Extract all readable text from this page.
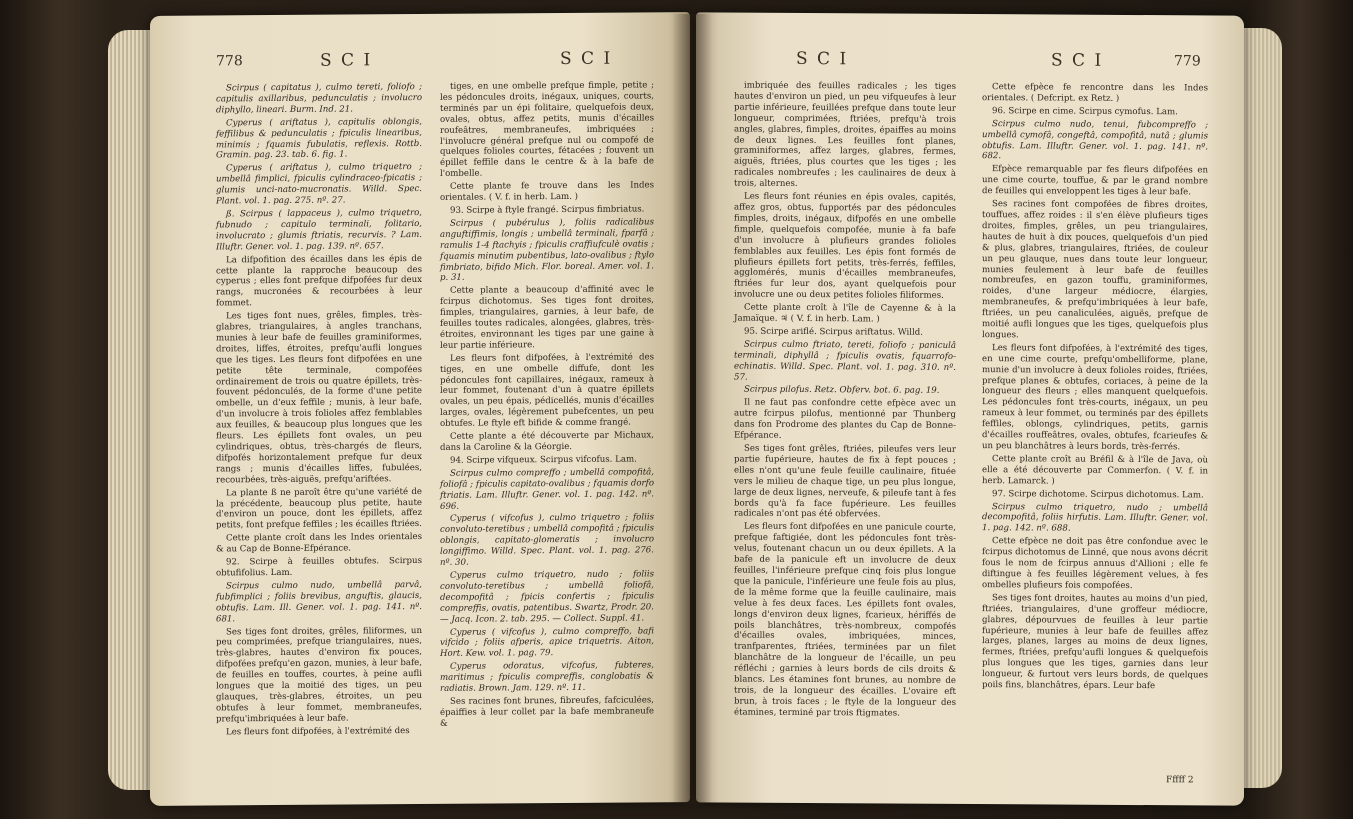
778	S C I	S C I

Scirpus ( capitatus ), culmo tereti, foliofo ; capitulis axillaribus, pedunculatis ; involucro diphyllo, lineari. Burm. Ind. 21.

Cyperus ( ariftatus ), capitulis oblongis, feffilibus & pedunculatis ; fpiculis linearibus, minimis ; fquamis fubulatis, reflexis. Rottb. Gramin. pag. 23. tab. 6. fig. 1.

Cyperus ( ariftatus ), culmo triquetro ; umbellâ fimplici, fpiculis cylindraceo-fpicatis ; glumis unci-nato-mucronatis. Willd. Spec. Plant. vol. 1. pag. 275. nº. 27.

ß. Scirpus ( lappaceus ), culmo triquetro, fubnudo ; capitulo terminali, folitario, involucrato ; glumis ftriatis, recurvis. ? Lam. Illuftr. Gener. vol. 1. pag. 139. nº. 657.

La difpofition des écailles dans les épis de cette plante la rapproche beaucoup des cyperus ; elles font prefque difpofées fur deux rangs, mucronées & recourbées à leur fommet.

Les tiges font nues, grêles, fimples, très-glabres, triangulaires, à angles tranchans, munies à leur bafe de feuilles graminiformes, droites, liffes, étroites, prefqu'aufli longues que les tiges. Les fleurs font difpofées en une petite tête terminale, compofées ordinairement de trois ou quatre épillets, très-fouvent pédonculés, de la forme d'une petite ombelle, un d'eux feffile ; munis, à leur bafe, d'un involucre à trois folioles affez femblables aux feuilles, & beaucoup plus longues que les fleurs. Les épillets font ovales, un peu cylindriques, obtus, très-chargés de fleurs, difpofés horizontalement prefque fur deux rangs ; munis d'écailles liffes, fubulées, recourbées, très-aiguës, prefqu'ariftées.

La plante ß ne paroît être qu'une variété de la précédente, beaucoup plus petite, haute d'environ un pouce, dont les épillets, affez petits, font prefque feffiles ; les écailles ftriées.

Cette plante croît dans les Indes orientales & au Cap de Bonne-Efpérance.

92. Scirpe à feuilles obtufes. Scirpus obtufifolius. Lam.

Scirpus culmo nudo, umbellâ parvâ, fubfimplici ; foliis brevibus, anguftis, glaucis, obtufis. Lam. Ill. Gener. vol. 1. pag. 141. nº. 681.

Ses tiges font droites, grêles, filiformes, un peu comprimées, prefque triangulaires, nues, très-glabres, hautes d'environ fix pouces, difpofées prefqu'en gazon, munies, à leur bafe, de feuilles en touffes, courtes, à peine aufli longues que la moitié des tiges, un peu glauques, très-glabres, étroites, un peu obtufes à leur fommet, membraneufes, prefqu'imbriquées à leur bafe.

Les fleurs font difpofées, à l'extrémité des

tiges, en une ombelle prefque fimple, petite ; les pédoncules droits, inégaux, uniques, courts, terminés par un épi folitaire, quelquefois deux, ovales, obtus, affez petits, munis d'écailles roufeâtres, membraneufes, imbriquées ; l'involucre général prefque nul ou compofé de quelques folioles courtes, fétacées ; fouvent un épillet feffile dans le centre & à la bafe de l'ombelle.

Cette plante fe trouve dans les Indes orientales. ( V. f. in herb. Lam. )

93. Scirpe à ftyle frangé. Scirpus fimbriatus.

Scirpus ( pubérulus ), foliis radicalibus anguftiffimis, longis ; umbellâ terminali, fparfâ ; ramulis 1-4 ftachyis ; fpiculis craffiufculè ovatis ; fquamis minutim pubentibus, lato-ovalibus ; ftylo fimbriato, bifido Mich. Flor. boreal. Amer. vol. 1. p. 31.

Cette plante a beaucoup d'affinité avec le fcirpus dichotomus. Ses tiges font droites, fimples, triangulaires, garnies, à leur bafe, de feuilles toutes radicales, alongées, glabres, très-étroites, environnant les tiges par une gaine à leur partie inférieure.

Les fleurs font difpofées, à l'extrémité des tiges, en une ombelle diffufe, dont les pédoncules font capillaires, inégaux, rameux à leur fommet, foutenant d'un à quatre épillets ovales, un peu épais, pédicellés, munis d'écailles larges, ovales, légèrement pubefcentes, un peu obtufes. Le ftyle eft bifide & comme frangé.

Cette plante a été découverte par Michaux, dans la Caroline & la Géorgie.

94. Scirpe vifqueux. Scirpus vifcofus. Lam.

Scirpus culmo compreffo ; umbellâ compofitâ, foliofâ ; fpiculis capitato-ovalibus ; fquamis dorfo ftriatis. Lam. Illuftr. Gener. vol. 1. pag. 142. nº. 696.

Cyperus ( vifcofus ), culmo triquetro ; foliis convoluto-teretibus ; umbellâ compofitâ ; fpiculis oblongis, capitato-glomeratis ; involucro longiffimo. Willd. Spec. Plant. vol. 1. pag. 276. nº. 30.

Cyperus culmo triquetro, nudo ; foliis convoluto-teretibus ; umbellâ foliofâ, decompofitâ ; fpicis confertis ; fpiculis compreffis, ovatis, patentibus. Swartz, Prodr. 20. — Jacq. Icon. 2. tab. 295. — Collect. Suppl. 41.

Cyperus ( vifcofus ), culmo compreffo, bafi vifcido ; foliis afperis, apice triquetris. Aiton, Hort. Kew. vol. 1. pag. 79.

Cyperus odoratus, vifcofus, fubteres, maritimus ; fpiculis compreffis, conglobatis & radiatis. Brown. Jam. 129. nº. 11.

Ses racines font brunes, fibreufes, fafciculées, épaiffies à leur collet par la bafe membraneufe &

S C I	S C I	779

imbriquée des feuilles radicales ; les tiges hautes d'environ un pied, un peu vifqueufes à leur partie inférieure, feuillées prefque dans toute leur longueur, comprimées, ftriées, prefqu'à trois angles, glabres, fimples, droites, épaiffes au moins de deux lignes. Les feuilles font planes, graminiformes, affez larges, glabres, fermes, aiguës, ftriées, plus courtes que les tiges ; les radicales nombreufes ; les caulinaires de deux à trois, alternes.

Les fleurs font réunies en épis ovales, capités, affez gros, obtus, fupportés par des pédoncules fimples, droits, inégaux, difpofés en une ombelle fimple, quelquefois compofée, munie à fa bafe d'un involucre à plufieurs grandes folioles femblables aux feuilles. Les épis font formés de plufieurs épillets fort petits, très-ferrés, feffiles, agglomérés, munis d'écailles membraneufes, ftriées fur leur dos, ayant quelquefois pour involucre une ou deux petites folioles filiformes.

Cette plante croît à l'île de Cayenne & à la Jamaïque. ♃ ( V. f. in herb. Lam. )

95. Scirpe ariflé. Scirpus ariftatus. Willd.

Scirpus culmo ftriato, tereti, foliofo ; paniculâ terminali, diphyllâ ; fpiculis ovatis, fquarrofo-echinatis. Willd. Spec. Plant. vol. 1. pag. 310. nº. 57.

Scirpus pilofus. Retz. Obferv. bot. 6. pag. 19.

Il ne faut pas confondre cette efpèce avec un autre fcirpus pilofus, mentionné par Thunberg dans fon Prodrome des plantes du Cap de Bonne-Efpérance.

Ses tiges font grêles, ftriées, pileufes vers leur partie fupérieure, hautes de fix à fept pouces ; elles n'ont qu'une feule feuille caulinaire, fituée vers le milieu de chaque tige, un peu plus longue, large de deux lignes, nerveufe, & pileufe tant à fes bords qu'à fa face fupérieure. Les feuilles radicales n'ont pas été obfervées.

Les fleurs font difpofées en une panicule courte, prefque faftigiée, dont les pédoncules font très-velus, foutenant chacun un ou deux épillets. A la bafe de la panicule eft un involucre de deux feuilles, l'inférieure prefque cinq fois plus longue que la panicule, l'inférieure une feule fois au plus, de la même forme que la feuille caulinaire, mais velue à fes deux faces. Les épillets font ovales, longs d'environ deux lignes, fcarieux, hériffés de poils blanchâtres, très-nombreux, compofés d'écailles ovales, imbriquées, minces, tranfparentes, ftriées, terminées par un filet blanchâtre de la longueur de l'écaille, un peu réfléchi ; garnies à leurs bords de cils droits & blancs. Les étamines font brunes, au nombre de trois, de la longueur des écailles. L'ovaire eft brun, à trois faces ; le ftyle de la longueur des étamines, terminé par trois ftigmates.

Cette efpèce fe rencontre dans les Indes orientales. ( Defcript. ex Retz. )

96. Scirpe en cime. Scirpus cymofus. Lam.

Scirpus culmo nudo, tenui, fubcompreffo ; umbellâ cymofâ, congeftâ, compofitâ, nutâ ; glumis obtufis. Lam. Illuftr. Gener. vol. 1. pag. 141. nº. 682.

Efpèce remarquable par fes fleurs difpofées en une cime courte, touffue, & par le grand nombre de feuilles qui enveloppent les tiges à leur bafe.

Ses racines font compofées de fibres droites, touffues, affez roides : il s'en élève plufieurs tiges droites, fimples, grêles, un peu triangulaires, hautes de huit à dix pouces, quelquefois d'un pied & plus, glabres, triangulaires, ftriées, de couleur un peu glauque, nues dans toute leur longueur, munies feulement à leur bafe de feuilles nombreufes, en gazon touffu, graminiformes, roides, d'une largeur médiocre, élargies, membraneufes, & prefqu'imbriquées à leur bafe, ftriées, un peu canaliculées, aiguës, prefque de moitié aufli longues que les tiges, quelquefois plus longues.

Les fleurs font difpofées, à l'extrémité des tiges, en une cime courte, prefqu'ombelliforme, plane, munie d'un involucre à deux folioles roides, ftriées, prefque planes & obtufes, coriaces, à peine de la longueur des fleurs ; elles manquent quelquefois. Les pédoncules font très-courts, inégaux, un peu rameux à leur fommet, ou terminés par des épillets feffiles, oblongs, cylindriques, petits, garnis d'écailles rouffeâtres, ovales, obtufes, fcarieufes & un peu blanchâtres à leurs bords, très-ferrés.

Cette plante croît au Bréfil & à l'île de Java, où elle a été découverte par Commerfon. ( V. f. in herb. Lamarck. )

97. Scirpe dichotome. Scirpus dichotomus. Lam.

Scirpus culmo triquetro, nudo ; umbellâ decompofitâ, foliis hirfutis. Lam. Illuftr. Gener. vol. 1. pag. 142. nº. 688.

Cette efpèce ne doit pas être confondue avec le fcirpus dichotomus de Linné, que nous avons décrit fous le nom de fcirpus annuus d'Allioni ; elle fe diftingue à fes feuilles légèrement velues, à fes ombelles plufieurs fois compofées.

Ses tiges font droites, hautes au moins d'un pied, ftriées, triangulaires, d'une groffeur médiocre, glabres, dépourvues de feuilles à leur partie fupérieure, munies à leur bafe de feuilles affez larges, planes, larges au moins de deux lignes, fermes, ftriées, prefqu'aufli longues & quelquefois plus longues que les tiges, garnies dans leur longueur, & furtout vers leurs bords, de quelques poils fins, blanchâtres, épars. Leur bafe

Fffff 2
